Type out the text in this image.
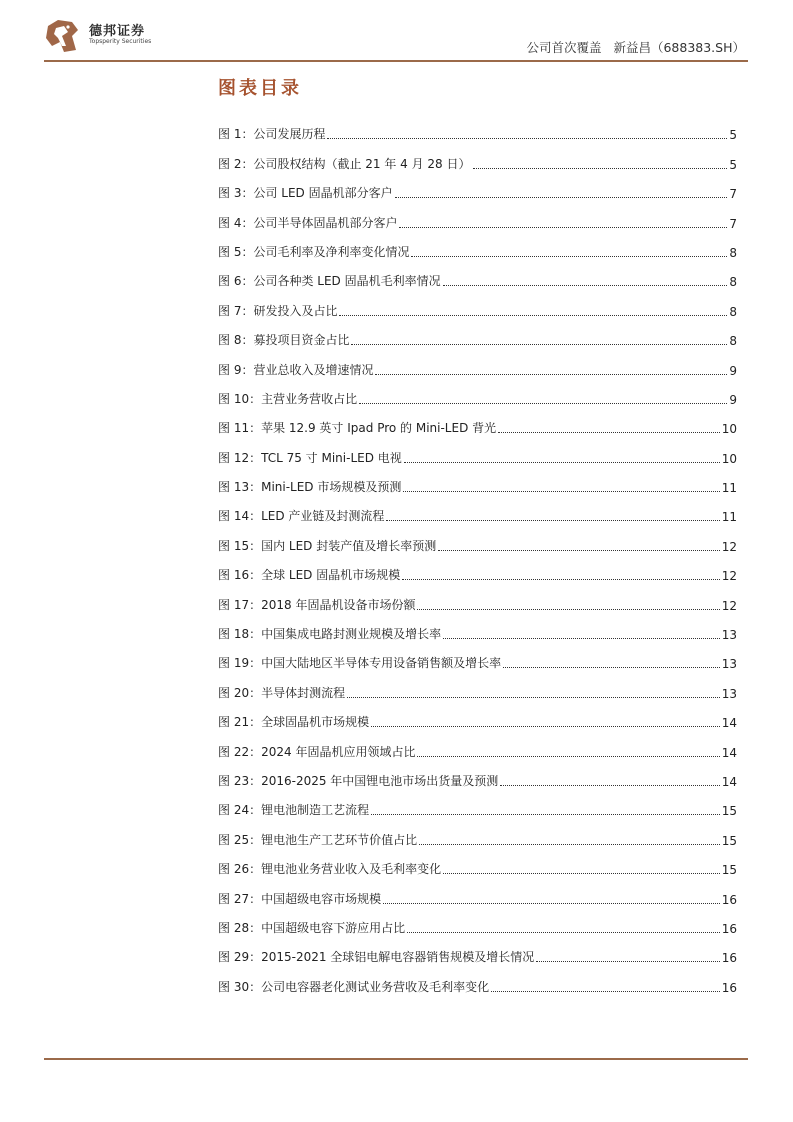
德邦证券
Topsperity Securities	公司首次覆盖 新益昌（688383.SH）
图表目录
图 1：公司发展历程	5
图 2：公司股权结构（截止 21 年 4 月 28 日）	5
图 3：公司 LED 固晶机部分客户	7
图 4：公司半导体固晶机部分客户	7
图 5：公司毛利率及净利率变化情况	8
图 6：公司各种类 LED 固晶机毛利率情况	8
图 7：研发投入及占比	8
图 8：募投项目资金占比	8
图 9：营业总收入及增速情况	9
图 10：主营业务营收占比	9
图 11：苹果 12.9 英寸 Ipad Pro 的 Mini-LED 背光	10
图 12：TCL 75 寸 Mini-LED 电视	10
图 13：Mini-LED 市场规模及预测	11
图 14：LED 产业链及封测流程	11
图 15：国内 LED 封装产值及增长率预测	12
图 16：全球 LED 固晶机市场规模	12
图 17：2018 年固晶机设备市场份额	12
图 18：中国集成电路封测业规模及增长率	13
图 19：中国大陆地区半导体专用设备销售额及增长率	13
图 20：半导体封测流程	13
图 21：全球固晶机市场规模	14
图 22：2024 年固晶机应用领域占比	14
图 23：2016-2025 年中国锂电池市场出货量及预测	14
图 24：锂电池制造工艺流程	15
图 25：锂电池生产工艺环节价值占比	15
图 26：锂电池业务营业收入及毛利率变化	15
图 27：中国超级电容市场规模	16
图 28：中国超级电容下游应用占比	16
图 29：2015-2021 全球铝电解电容器销售规模及增长情况	16
图 30：公司电容器老化测试业务营收及毛利率变化	16
